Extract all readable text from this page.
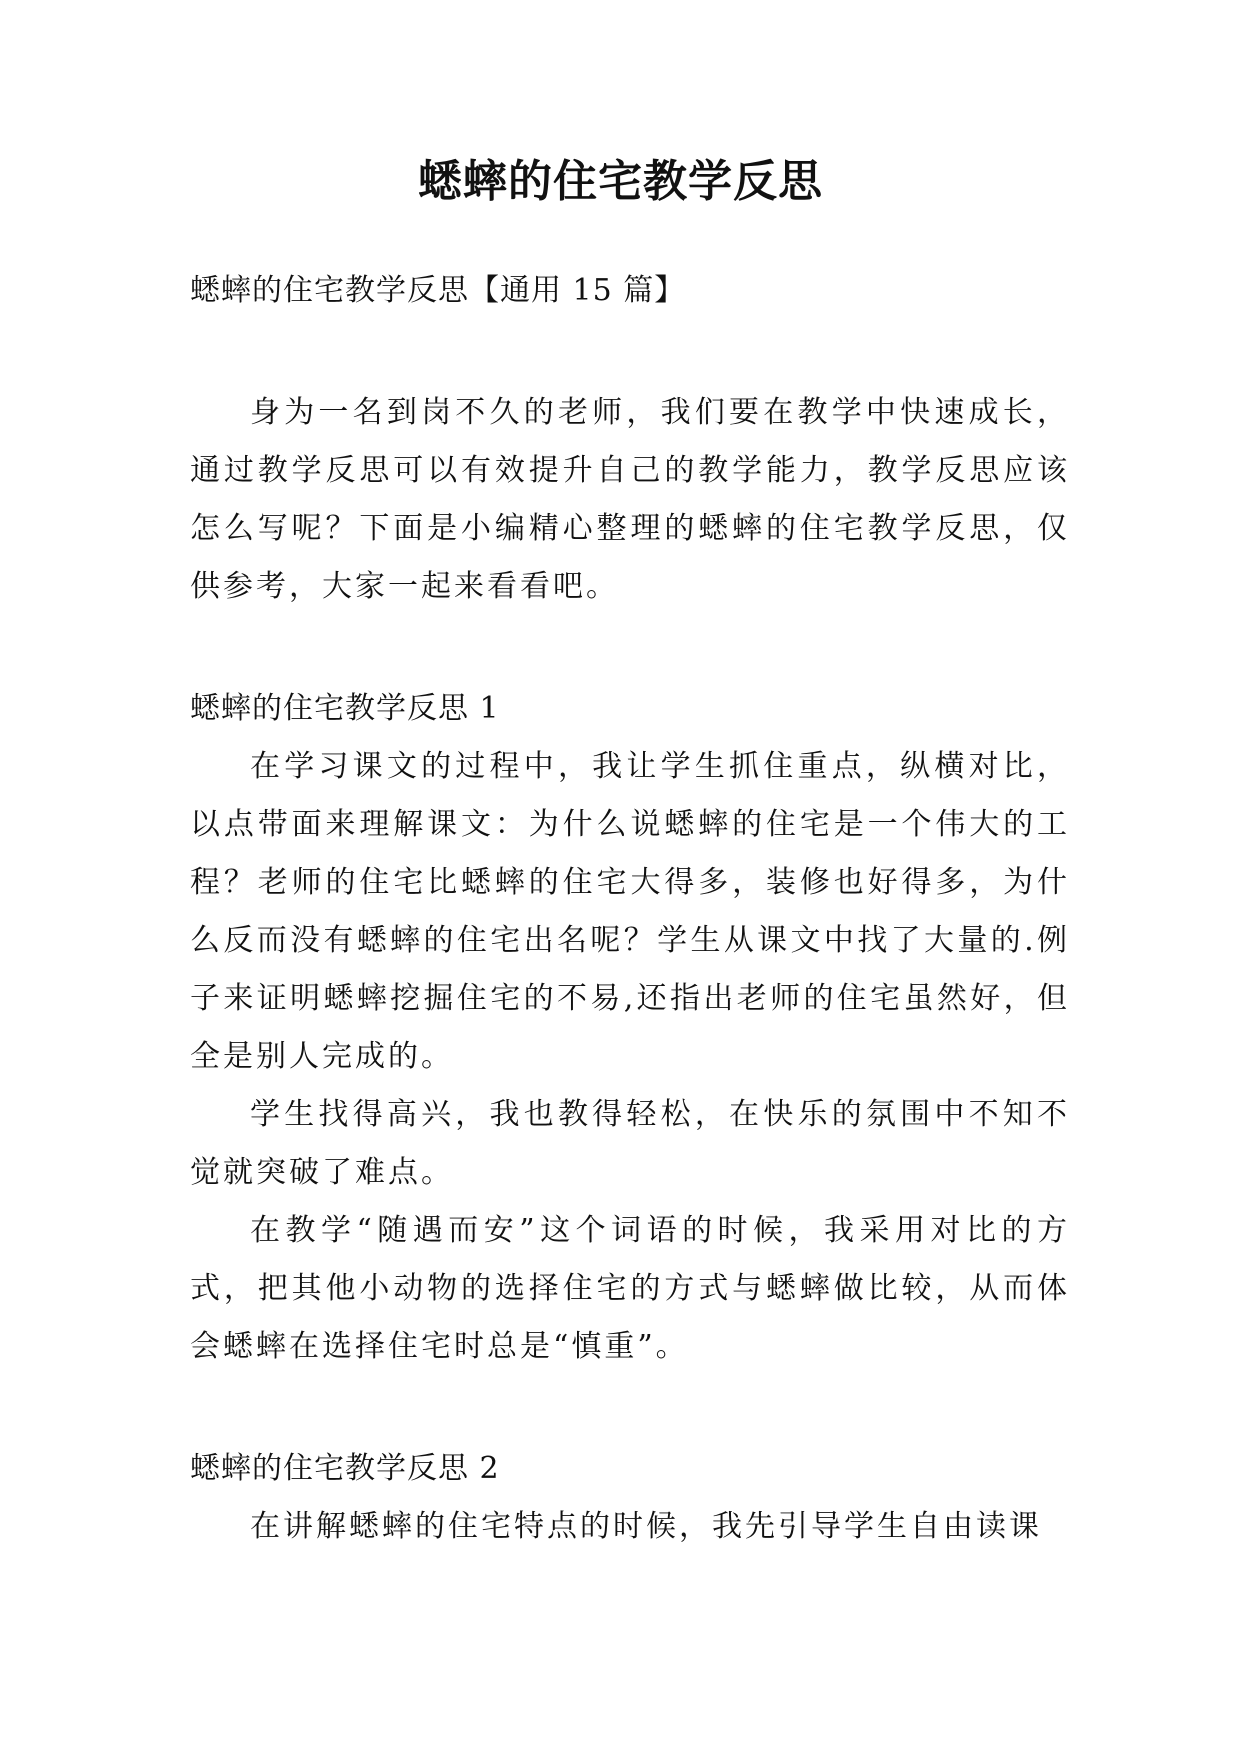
蟋蟀的住宅教学反思

蟋蟀的住宅教学反思【通用 15 篇】

身为一名到岗不久的老师，我们要在教学中快速成长，通过教学反思可以有效提升自己的教学能力，教学反思应该怎么写呢？下面是小编精心整理的蟋蟀的住宅教学反思，仅供参考，大家一起来看看吧。

蟋蟀的住宅教学反思 1

在学习课文的过程中，我让学生抓住重点，纵横对比，以点带面来理解课文：为什么说蟋蟀的住宅是一个伟大的工程？老师的住宅比蟋蟀的住宅大得多，装修也好得多，为什么反而没有蟋蟀的住宅出名呢？学生从课文中找了大量的.例子来证明蟋蟀挖掘住宅的不易,还指出老师的住宅虽然好，但全是别人完成的。

学生找得高兴，我也教得轻松，在快乐的氛围中不知不觉就突破了难点。

在教学“随遇而安”这个词语的时候，我采用对比的方式，把其他小动物的选择住宅的方式与蟋蟀做比较，从而体会蟋蟀在选择住宅时总是“慎重”。

蟋蟀的住宅教学反思 2

在讲解蟋蟀的住宅特点的时候，我先引导学生自由读课
